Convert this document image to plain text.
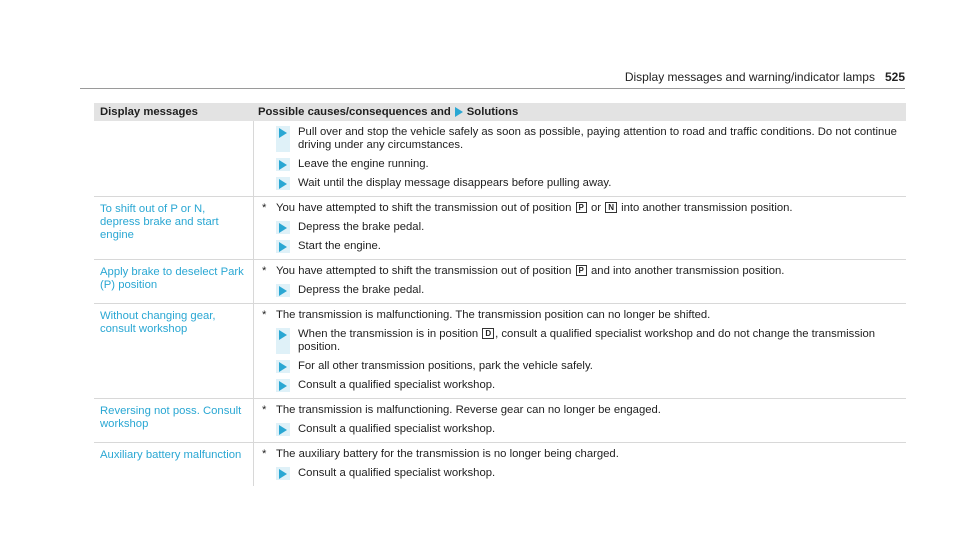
Display messages and warning/indicator lamps 525
Display messages	Possible causes/consequences and Solutions
Pull over and stop the vehicle safely as soon as possible, paying attention to road and traffic conditions. Do not continue driving under any circumstances.
Leave the engine running.
Wait until the display message disappears before pulling away.
To shift out of P or N, depress brake and start engine
* You have attempted to shift the transmission out of position P or N into another transmission position.
Depress the brake pedal.
Start the engine.
Apply brake to deselect Park (P) position
* You have attempted to shift the transmission out of position P and into another transmission position.
Depress the brake pedal.
Without changing gear, consult workshop
* The transmission is malfunctioning. The transmission position can no longer be shifted.
When the transmission is in position D , consult a qualified specialist workshop and do not change the transmission position.
For all other transmission positions, park the vehicle safely.
Consult a qualified specialist workshop.
Reversing not poss. Consult workshop
* The transmission is malfunctioning. Reverse gear can no longer be engaged.
Consult a qualified specialist workshop.
Auxiliary battery malfunction	* The auxiliary battery for the transmission is no longer being charged.
Consult a qualified specialist workshop.
